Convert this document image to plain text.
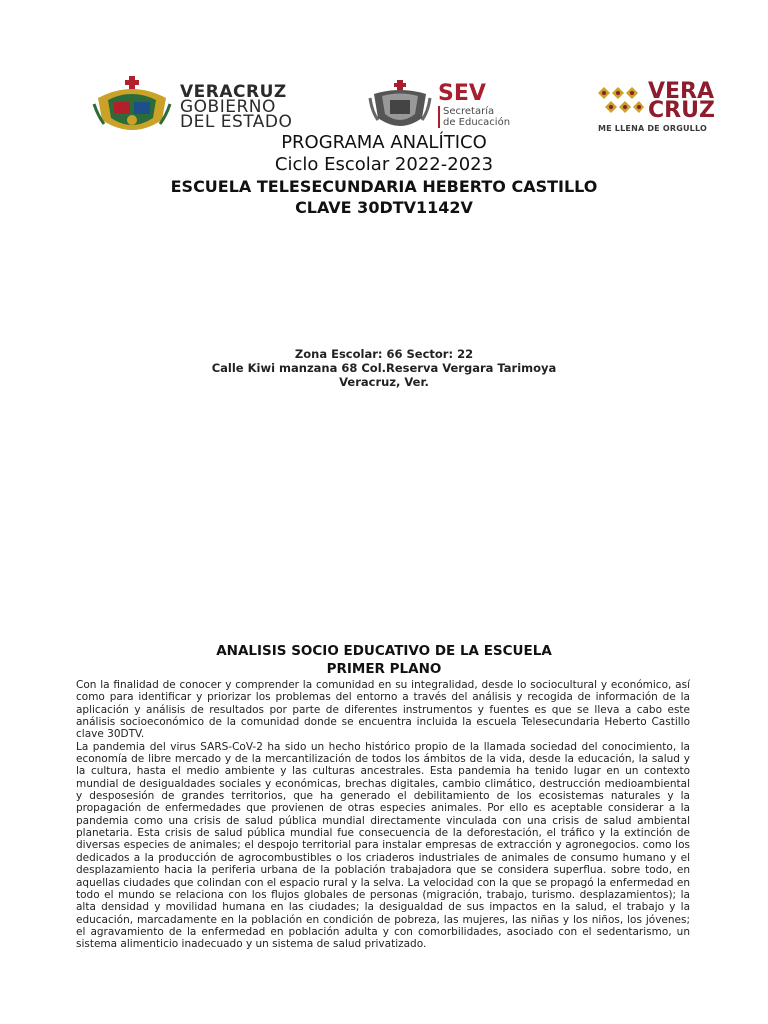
VERACRUZ
GOBIERNO
DEL ESTADO
SEV
Secretaría
de Educación
VERA
CRUZ
ME LLENA DE ORGULLO
PROGRAMA ANALÍTICO
Ciclo Escolar 2022-2023
ESCUELA TELESECUNDARIA HEBERTO CASTILLO
CLAVE 30DTV1142V
Zona Escolar: 66 Sector: 22
Calle Kiwi manzana 68 Col.Reserva Vergara Tarimoya
Veracruz, Ver.
ANALISIS SOCIO EDUCATIVO DE LA ESCUELA
PRIMER PLANO

Con la finalidad de conocer y comprender la comunidad en su integralidad, desde lo sociocultural y económico, así como para identificar y priorizar los problemas del entorno a través del análisis y recogida de información de la aplicación y análisis de resultados por parte de diferentes instrumentos y fuentes es que se lleva a cabo este análisis socioeconómico de la comunidad donde se encuentra incluida la escuela Telesecundaria Heberto Castillo clave 30DTV.

La pandemia del virus SARS-CoV-2 ha sido un hecho histórico propio de la llamada sociedad del conocimiento, la economía de libre mercado y de la mercantilización de todos los ámbitos de la vida, desde la educación, la salud y la cultura, hasta el medio ambiente y las culturas ancestrales. Esta pandemia ha tenido lugar en un contexto mundial de desigualdades sociales y económicas, brechas digitales, cambio climático, destrucción medioambiental y desposesión de grandes territorios, que ha generado el debilitamiento de los ecosistemas naturales y la propagación de enfermedades que provienen de otras especies animales. Por ello es aceptable considerar a la pandemia como una crisis de salud pública mundial directamente vinculada con una crisis de salud ambiental planetaria. Esta crisis de salud pública mundial fue consecuencia de la deforestación, el tráfico y la extinción de diversas especies de animales; el despojo territorial para instalar empresas de extracción y agronegocios. como los dedicados a la producción de agrocombustibles o los criaderos industriales de animales de consumo humano y el desplazamiento hacia la periferia urbana de la población trabajadora que se considera superflua. sobre todo, en aquellas ciudades que colindan con el espacio rural y la selva. La velocidad con la que se propagó la enfermedad en todo el mundo se relaciona con los flujos globales de personas (migración, trabajo, turismo. desplazamientos); la alta densidad y movilidad humana en las ciudades; la desigualdad de sus impactos en la salud, el trabajo y la educación, marcadamente en la población en condición de pobreza, las mujeres, las niñas y los niños, los jóvenes; el agravamiento de la enfermedad en población adulta y con comorbilidades, asociado con el sedentarismo, un sistema alimenticio inadecuado y un sistema de salud privatizado.
